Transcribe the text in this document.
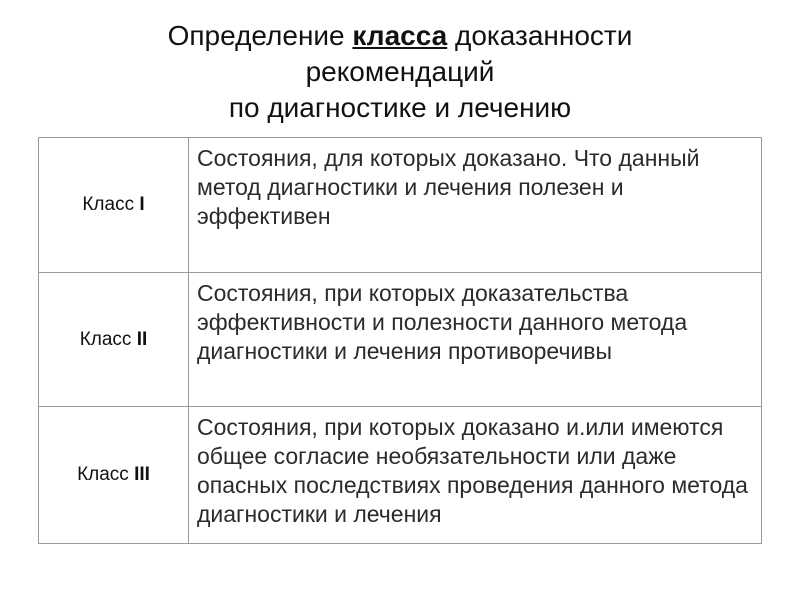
Определение класса доказанности
рекомендаций
по диагностике и лечению
Класс I	Состояния, для которых доказано. Что данный метод диагностики и лечения полезен и эффективен
Класс II	Состояния, при которых доказательства эффективности и полезности данного метода диагностики и лечения противоречивы
Класс III	Состояния, при которых доказано и.или имеются общее согласие необязательности или даже опасных последствиях проведения данного метода диагностики и лечения
